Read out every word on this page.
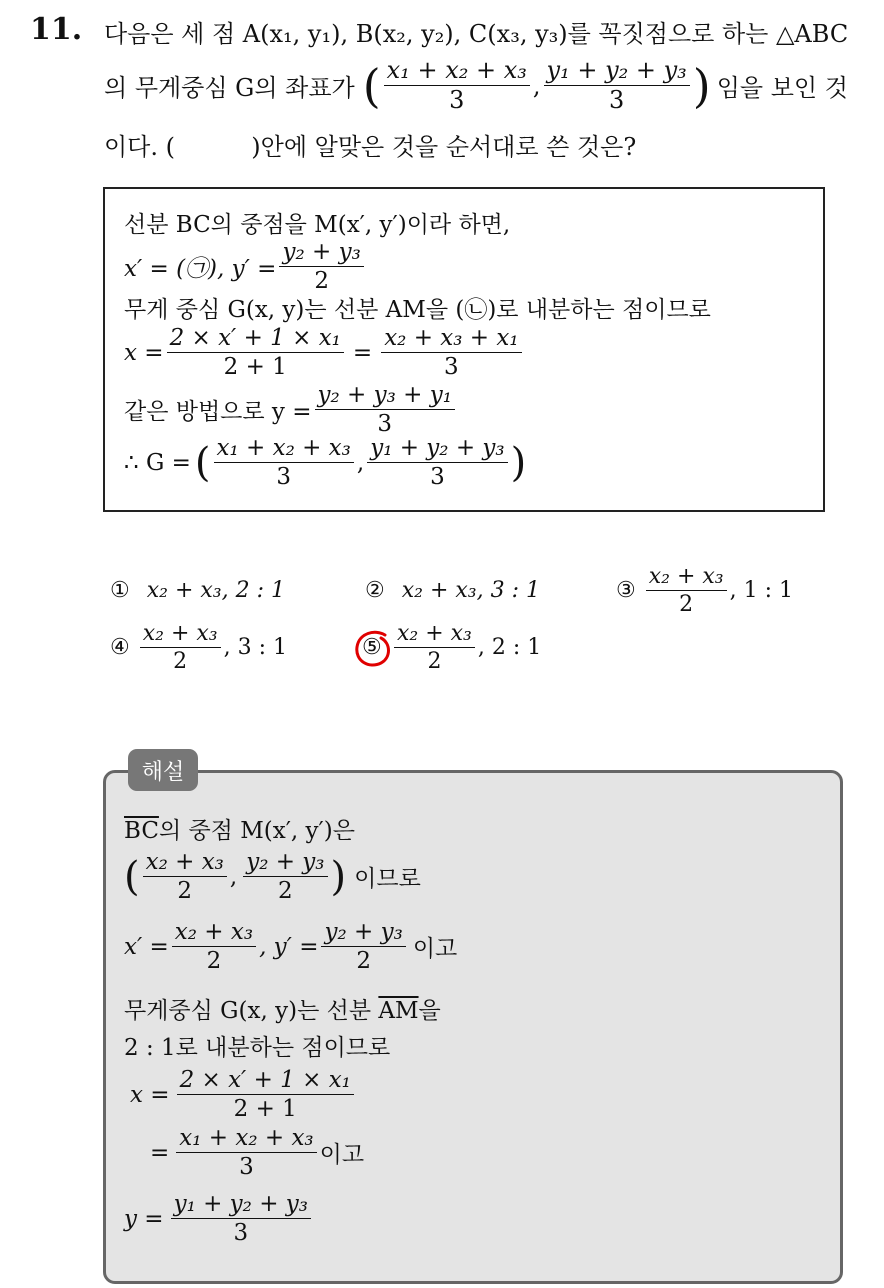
11. 다음은 세 점 A(x₁, y₁), B(x₂, y₂), C(x₃, y₃)를 꼭짓점으로 하는 △ABC
의 무게중심 G의 좌표가 ( $\frac{\text{x₁ + x₂ + x₃}}{3}$ , $\frac{\text{y₁ + y₂ + y₃}}{3}$ ) 임을 보인 것
이다. (          )안에 알맞은 것을 순서대로 쓴 것은?
선분 BC의 중점을 M(x′, y′)이라 하면,
x′ = (㉠), $y' = \frac{\text{y₂ + y₃}}{2}$
무게 중심 G(x, y)는 선분 AM을 (㉡)로 내분하는 점이므로
$x = \frac{\text{2 × x′ + 1 × x₁}}{2 + 1} = \frac{\text{x₂ + x₃ + x₁}}{3}$
같은 방법으로 $y = \frac{\text{y₂ + y₃ + y₁}}{3}$
∴ G = ( $\frac{\text{x₁ + x₂ + x₃}}{3}$ , $\frac{\text{y₁ + y₂ + y₃}}{3}$ )
① x₂ + x₃, 2 : 1	② x₂ + x₃, 3 : 1	③ $\frac{\text{x₂ + x₃}}{2}$ , 1 : 1
④ $\frac{\text{x₂ + x₃}}{2}$ , 3 : 1	⑤ $\frac{\text{x₂ + x₃}}{2}$ , 2 : 1
해설
$\overline{BC}$의 중점 M(x′, y′)은
( $\frac{\text{x₂ + x₃}}{2}$ , $\frac{\text{y₂ + y₃}}{2}$ ) 이므로
$x' = \frac{\text{x₂ + x₃}}{2}$ , $y' = \frac{\text{y₂ + y₃}}{2}$ 이고
무게중심 G(x, y)는 선분 $\overline{AM}$을
2 : 1로 내분하는 점이므로
$x = \frac{\text{2 × x′ + 1 × x₁}}{2 + 1}$
= $\frac{\text{x₁ + x₂ + x₃}}{3}$ 이고
$y = \frac{\text{y₁ + y₂ + y₃}}{3}$
